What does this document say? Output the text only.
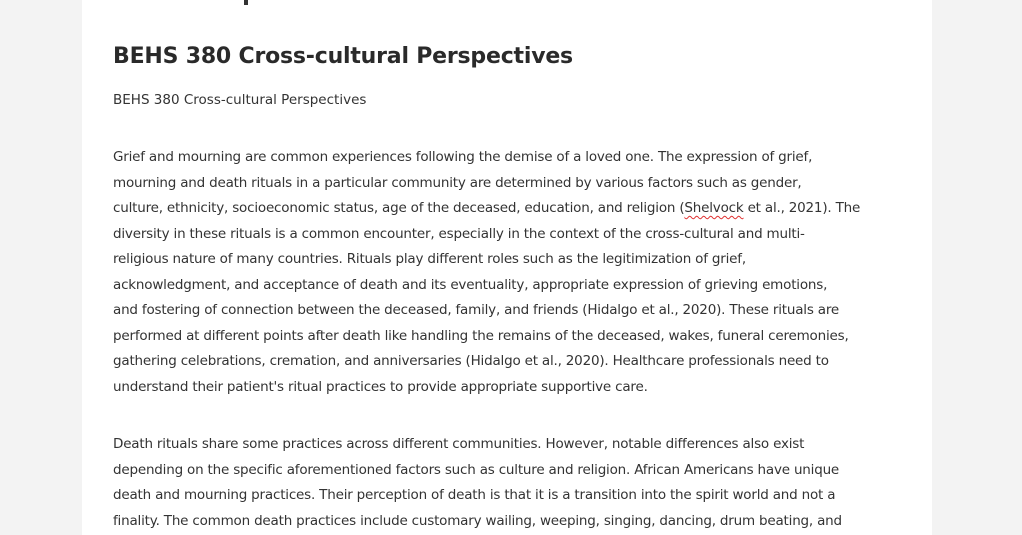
BEHS 380 Cross-cultural Perspectives
BEHS 380 Cross-cultural Perspectives
Grief and mourning are common experiences following the demise of a loved one. The expression of grief,
mourning and death rituals in a particular community are determined by various factors such as gender,
culture, ethnicity, socioeconomic status, age of the deceased, education, and religion (Shelvock et al., 2021). The
diversity in these rituals is a common encounter, especially in the context of the cross-cultural and multi-
religious nature of many countries. Rituals play different roles such as the legitimization of grief,
acknowledgment, and acceptance of death and its eventuality, appropriate expression of grieving emotions,
and fostering of connection between the deceased, family, and friends (Hidalgo et al., 2020). These rituals are
performed at different points after death like handling the remains of the deceased, wakes, funeral ceremonies,
gathering celebrations, cremation, and anniversaries (Hidalgo et al., 2020). Healthcare professionals need to
understand their patient's ritual practices to provide appropriate supportive care.
Death rituals share some practices across different communities. However, notable differences also exist
depending on the specific aforementioned factors such as culture and religion. African Americans have unique
death and mourning practices. Their perception of death is that it is a transition into the spirit world and not a
finality. The common death practices include customary wailing, weeping, singing, dancing, drum beating, and
